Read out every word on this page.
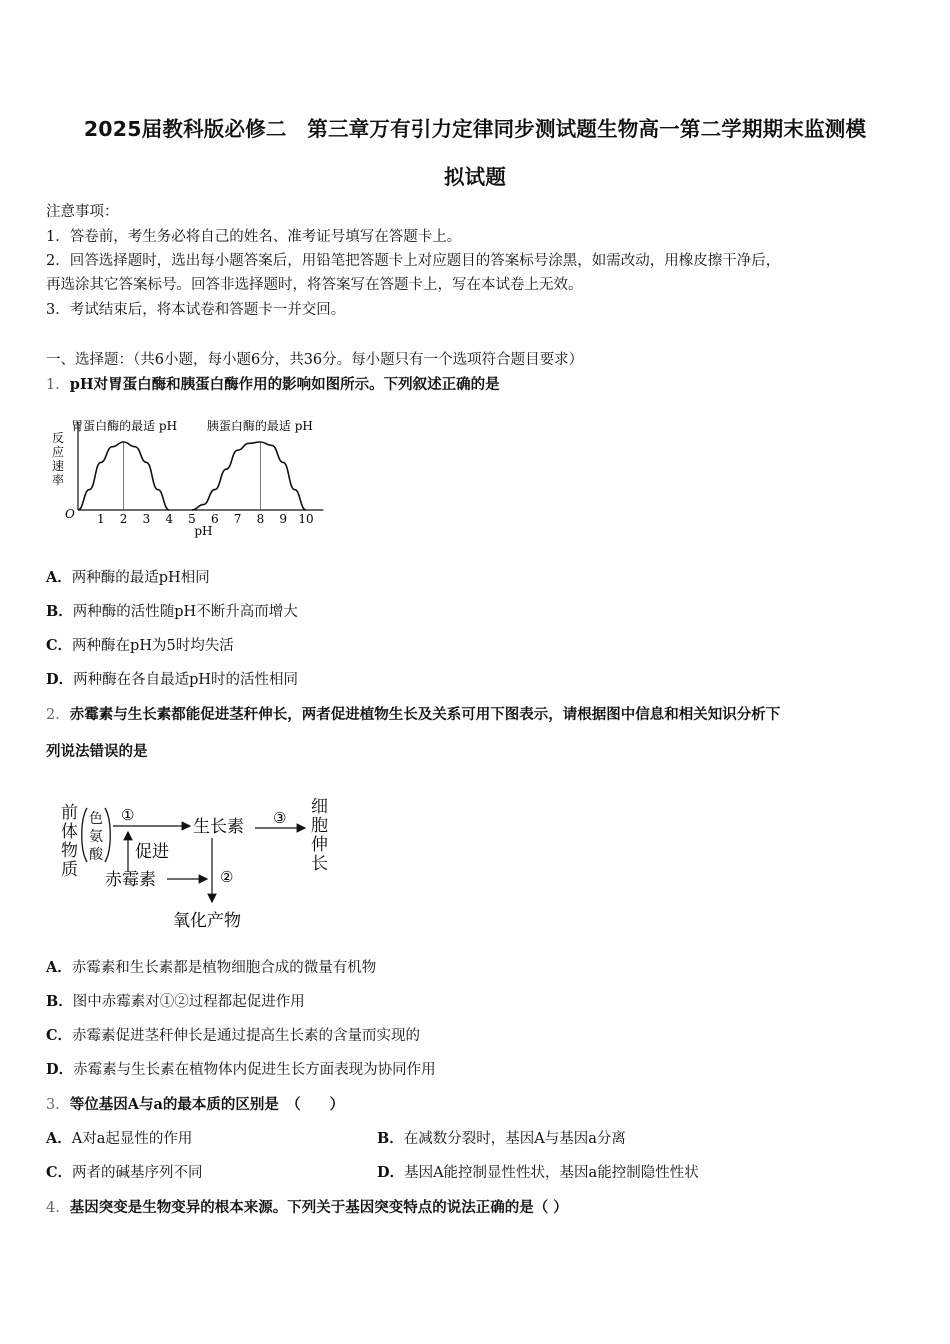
2025届教科版必修二　第三章万有引力定律同步测试题生物高一第二学期期末监测模
拟试题
注意事项：
1．答卷前，考生务必将自己的姓名、准考证号填写在答题卡上。
2．回答选择题时，选出每小题答案后，用铅笔把答题卡上对应题目的答案标号涂黑，如需改动，用橡皮擦干净后，
再选涂其它答案标号。回答非选择题时，将答案写在答题卡上，写在本试卷上无效。
3．考试结束后，将本试卷和答题卡一并交回。
一、选择题：（共6小题，每小题6分，共36分。每小题只有一个选项符合题目要求）
1．pH对胃蛋白酶和胰蛋白酶作用的影响如图所示。下列叙述正确的是
反
应
速
率
O 1 2 3 4 5 6 7 8 9 10
pH
胃蛋白酶的最适 pH 胰蛋白酶的最适 pH
A．两种酶的最适pH相同
B．两种酶的活性随pH不断升高而增大
C．两种酶在pH为5时均失活
D．两种酶在各自最适pH时的活性相同
2．赤霉素与生长素都能促进茎秆伸长，两者促进植物生长及关系可用下图表示，请根据图中信息和相关知识分析下
列说法错误的是
前
体
物
质
色
氨
酸
①
生长素 ③
细
胞
伸
长
促进
赤霉素	②
氧化产物
A．赤霉素和生长素都是植物细胞合成的微量有机物
B．图中赤霉素对①②过程都起促进作用
C．赤霉素促进茎秆伸长是通过提高生长素的含量而实现的
D．赤霉素与生长素在植物体内促进生长方面表现为协同作用
3．等位基因A与a的最本质的区别是　（　　）
A．A对a起显性的作用	B．在减数分裂时，基因A与基因a分离
C．两者的碱基序列不同	D．基因A能控制显性性状，基因a能控制隐性性状
4．基因突变是生物变异的根本来源。下列关于基因突变特点的说法正确的是（ ）
